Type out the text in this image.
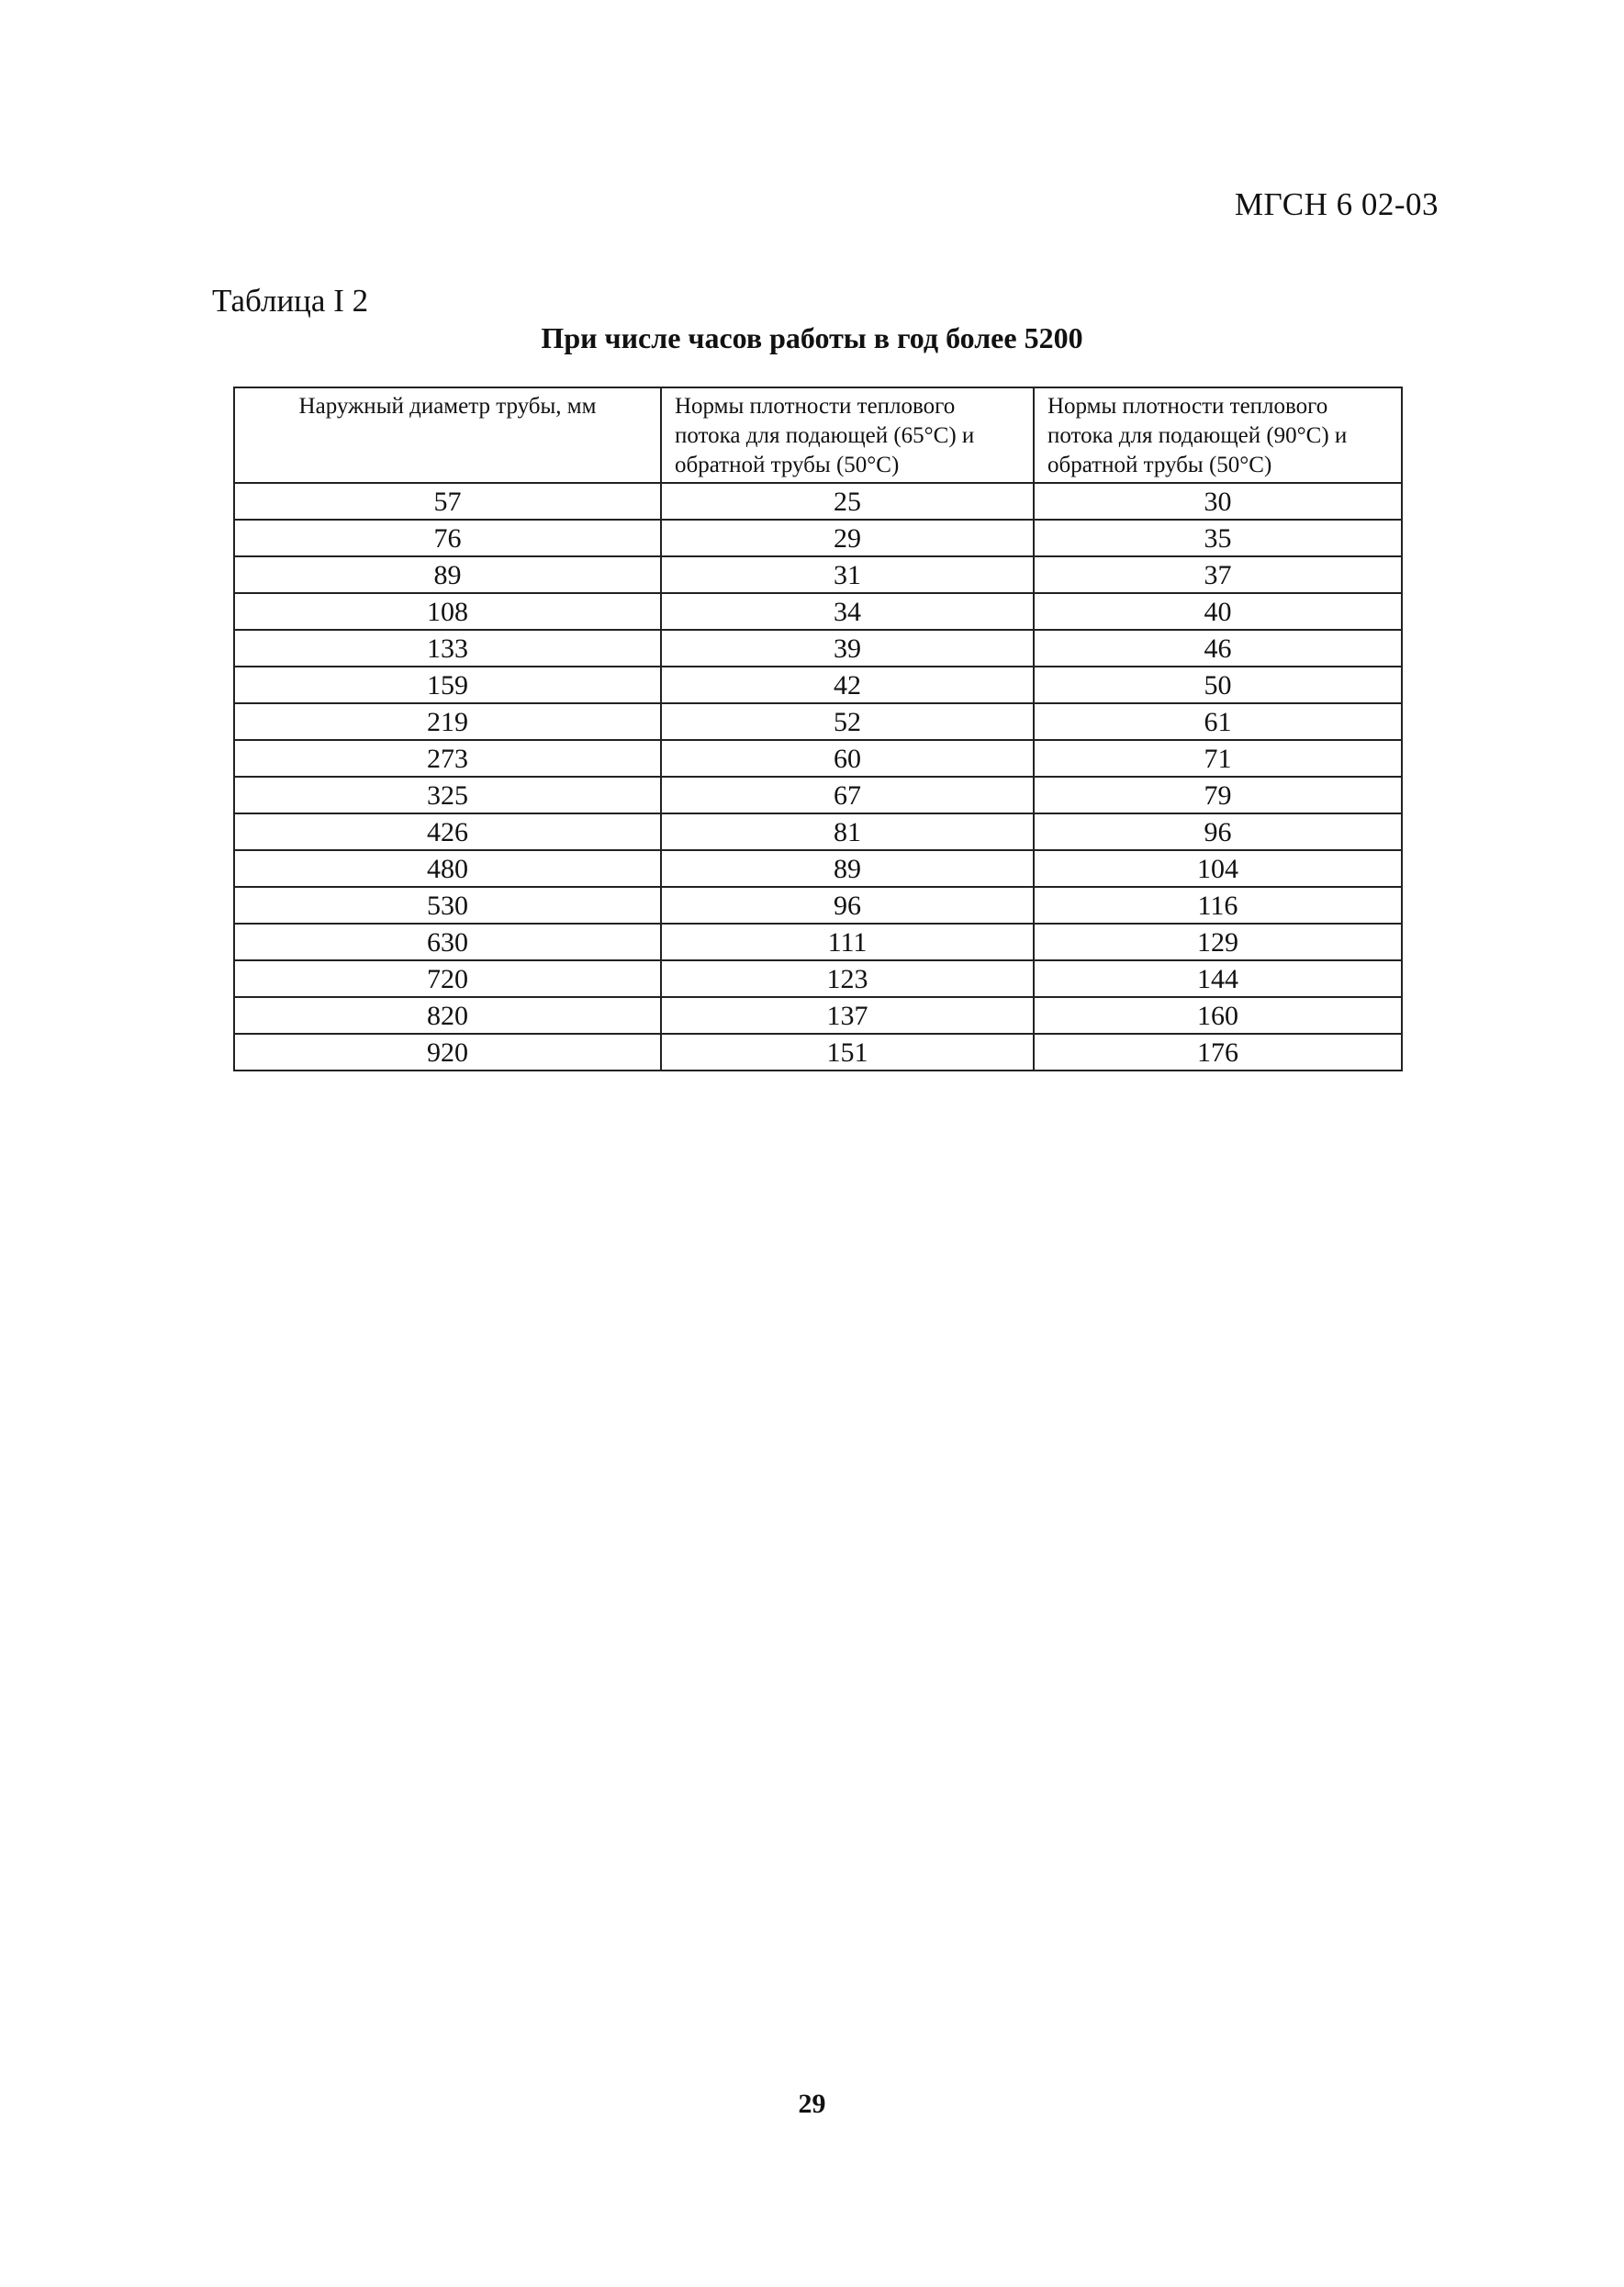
МГСН 6 02-03
Таблица I 2
При числе часов работы в год более 5200
Наружный диаметр трубы, мм	Нормы плотности теплового потока для подающей (65°С) и обратной трубы (50°С)	Нормы плотности теплового потока для подающей (90°С) и обратной трубы (50°С)
57	25	30
76	29	35
89	31	37
108	34	40
133	39	46
159	42	50
219	52	61
273	60	71
325	67	79
426	81	96
480	89	104
530	96	116
630	111	129
720	123	144
820	137	160
920	151	176
29
